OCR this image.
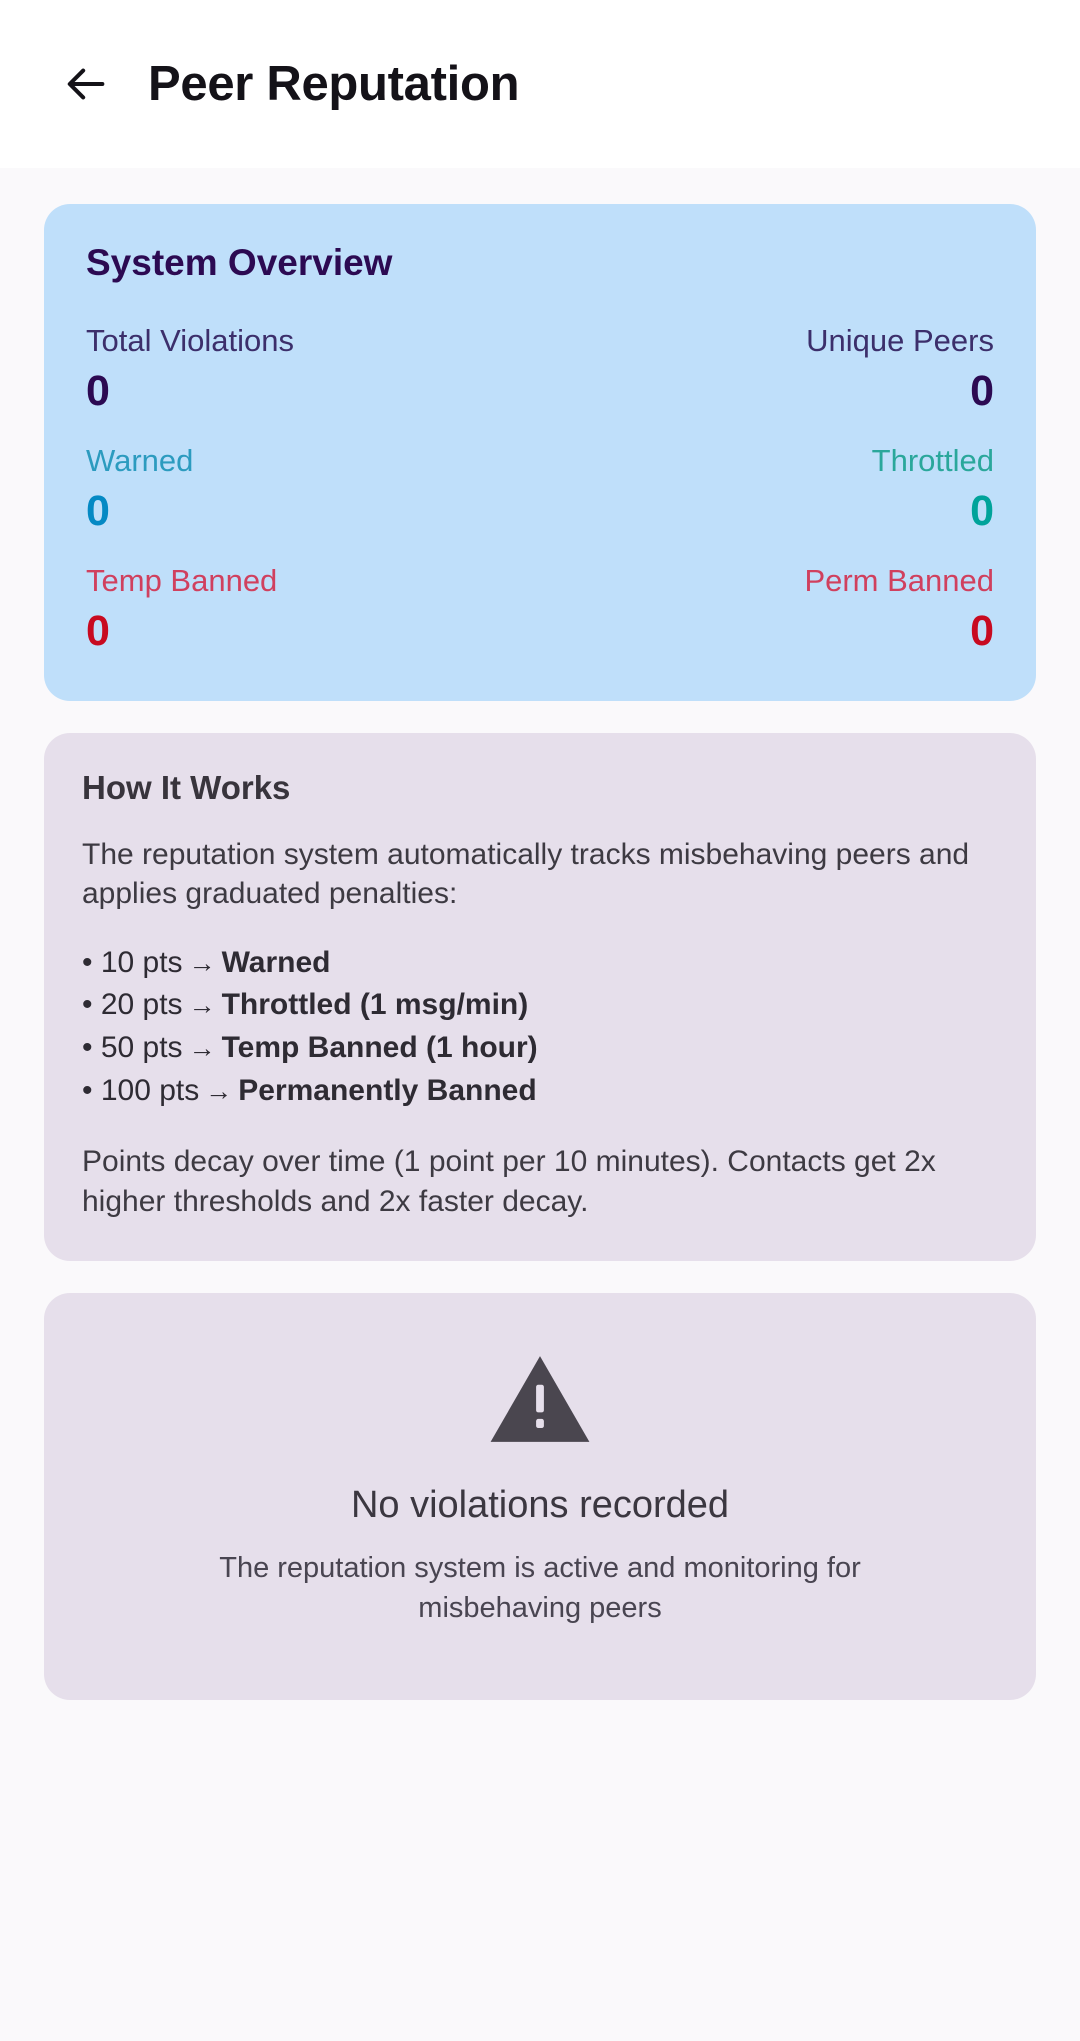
Peer Reputation
System Overview
Total Violations
0
Unique Peers
0
Warned
0
Throttled
0
Temp Banned
0
Perm Banned
0
How It Works

The reputation system automatically tracks misbehaving peers and applies graduated penalties:

• 10 pts → Warned
• 20 pts → Throttled (1 msg/min)
• 50 pts → Temp Banned (1 hour)
• 100 pts → Permanently Banned

Points decay over time (1 point per 10 minutes). Contacts get 2x higher thresholds and 2x faster decay.

No violations recorded
The reputation system is active and monitoring for misbehaving peers
